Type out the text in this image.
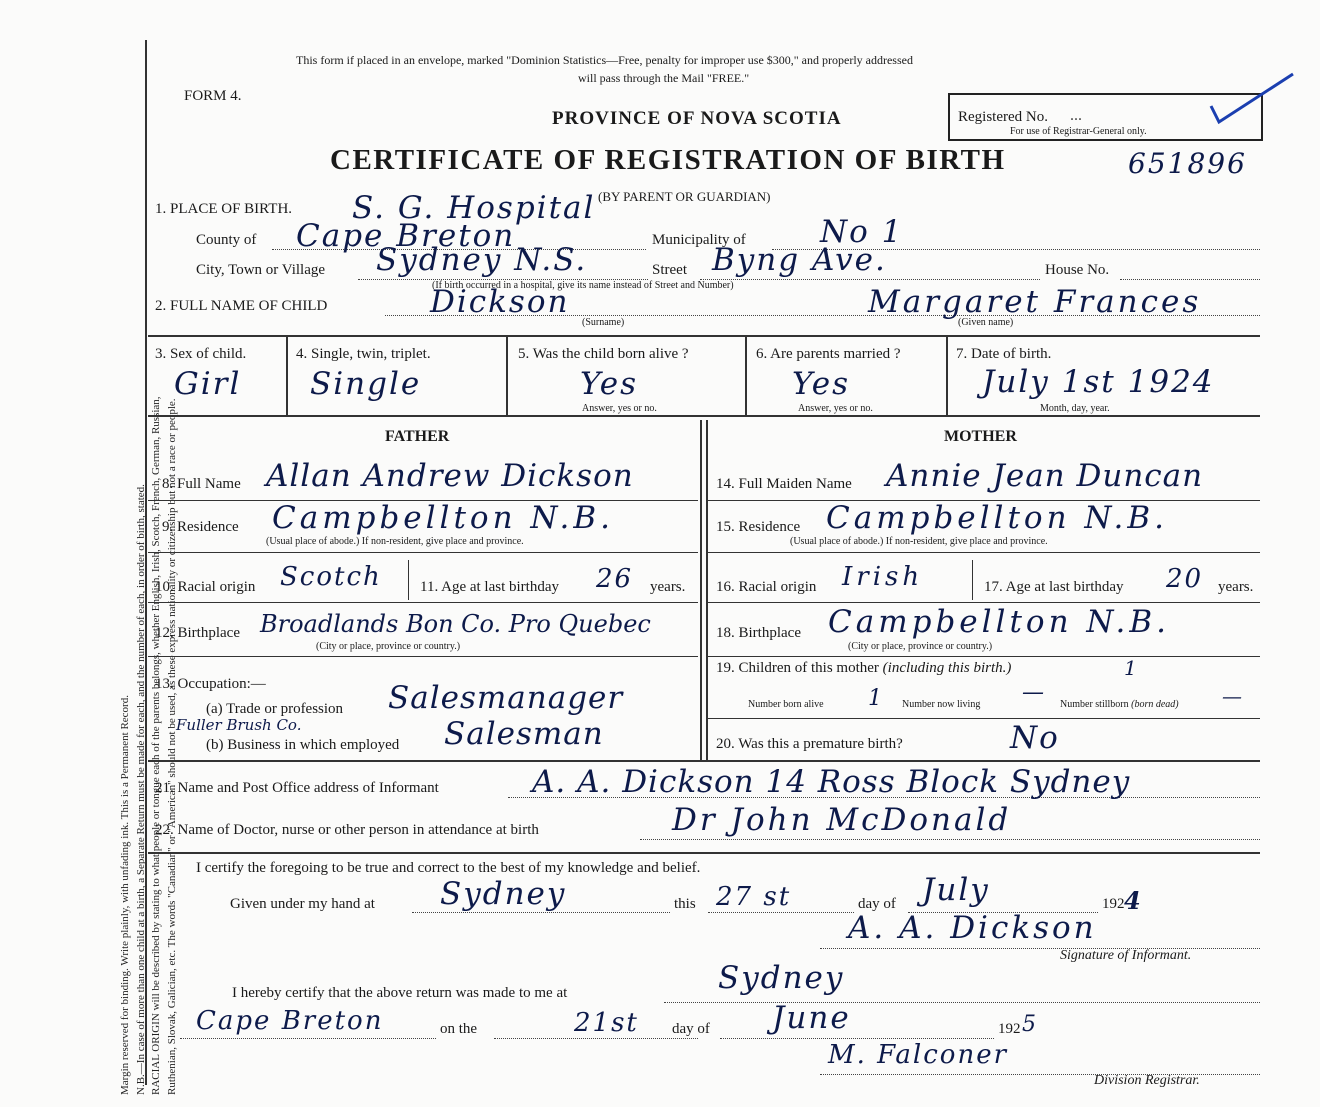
Margin reserved for binding. Write plainly, with unfading ink. This is a Permanent Record. N.B.—In case of more than one child at a birth, a Separate Return must be made for each, and the number of each, in order of birth, stated. RACIAL ORIGIN will be described by stating to what people or tongue each of the parents belongs, whether English, Irish, Scotch, French, German, Russian, Ruthenian, Slovak, Galician, etc. The words "Canadian" or "American" should not be used, as these express nationality or citizenship but not a race or people.
This form if placed in an envelope, marked "Dominion Statistics—Free, penalty for improper use $300," and properly addressed
will pass through the Mail "FREE."
FORM 4.
PROVINCE OF NOVA SCOTIA
CERTIFICATE OF REGISTRATION OF BIRTH
(BY PARENT OR GUARDIAN)
Registered No. ...
For use of Registrar-General only.
651896
1. PLACE OF BIRTH. S. G. Hospital
County of Cape Breton	Municipality of No 1
City, Town or Village Sydney N.S.	Street Byng Ave.	House No.
(If birth occurred in a hospital, give its name instead of Street and Number)
2. FULL NAME OF CHILD	Dickson
(Surname)
Margaret Frances
(Given name)
3. Sex of child.
Girl
4. Single, twin, triplet.
Single
5. Was the child born alive ?
Yes
Answer, yes or no.
6. Are parents married ?
Yes
Answer, yes or no.
7. Date of birth.
July 1st 1924
Month, day, year.
FATHER	MOTHER
8. Full Name Allan Andrew Dickson	14. Full Maiden Name Annie Jean Duncan
9. Residence Campbellton N.B.
(Usual place of abode.) If non-resident, give place and province.
15. Residence Campbellton N.B.
(Usual place of abode.) If non-resident, give place and province.
10. Racial origin Scotch	11. Age at last birthday 26 years. 16. Racial origin Irish	17. Age at last birthday 20 years.
12. Birthplace Broadlands Bon Co. Pro Quebec
(City or place, province or country.)
18. Birthplace Campbellton N.B.
(City or place, province or country.)
13. Occupation:—
(a) Trade or profession Salesmanager
Fuller Brush Co.
(b) Business in which employed Salesman
19. Children of this mother (including this birth.)	1
Number born alive 1 Number now living — Number stillborn (born dead) —
20. Was this a premature birth?	No
21. Name and Post Office address of Informant	A. A. Dickson 14 Ross Block Sydney
22. Name of Doctor, nurse or other person in attendance at birth	Dr John McDonald
I certify the foregoing to be true and correct to the best of my knowledge and belief.
Given under my hand at Sydney	this 27 st	day of July	192 4
A. A. Dickson
Signature of Informant.
I hereby certify that the above return was made to me at	Sydney
Cape Breton	on the	21st day of June	192 5
M. Falconer
Division Registrar.
